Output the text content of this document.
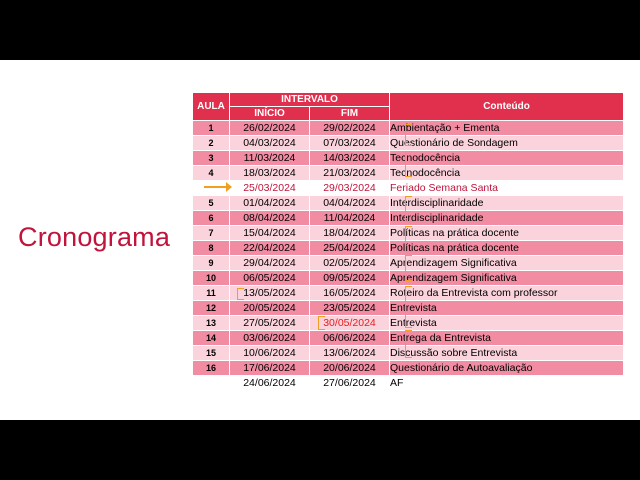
Cronograma
AULA	INTERVALO		Conteúdo
	INÍCIO	FIM	
1	26/02/2024	29/02/2024	Ambientação + Ementa
2	04/03/2024	07/03/2024	Questionário de Sondagem
3	11/03/2024	14/03/2024	Tecnodocência
4	18/03/2024	21/03/2024	Tecnodocência
	25/03/2024	29/03/2024	Feriado Semana Santa
5	01/04/2024	04/04/2024	Interdisciplinaridade
6	08/04/2024	11/04/2024	Interdisciplinaridade
7	15/04/2024	18/04/2024	Políticas na prática docente
8	22/04/2024	25/04/2024	Políticas na prática docente
9	29/04/2024	02/05/2024	Aprendizagem Significativa
10	06/05/2024	09/05/2024	Aprendizagem Significativa
11	13/05/2024	16/05/2024	Roteiro da Entrevista com professor
12	20/05/2024	23/05/2024	Entrevista
13	27/05/2024	30/05/2024	Entrevista
14	03/06/2024	06/06/2024	Entrega da Entrevista
15	10/06/2024	13/06/2024	Discussão sobre Entrevista
16	17/06/2024	20/06/2024	Questionário de Autoavaliação
	24/06/2024	27/06/2024	AF
